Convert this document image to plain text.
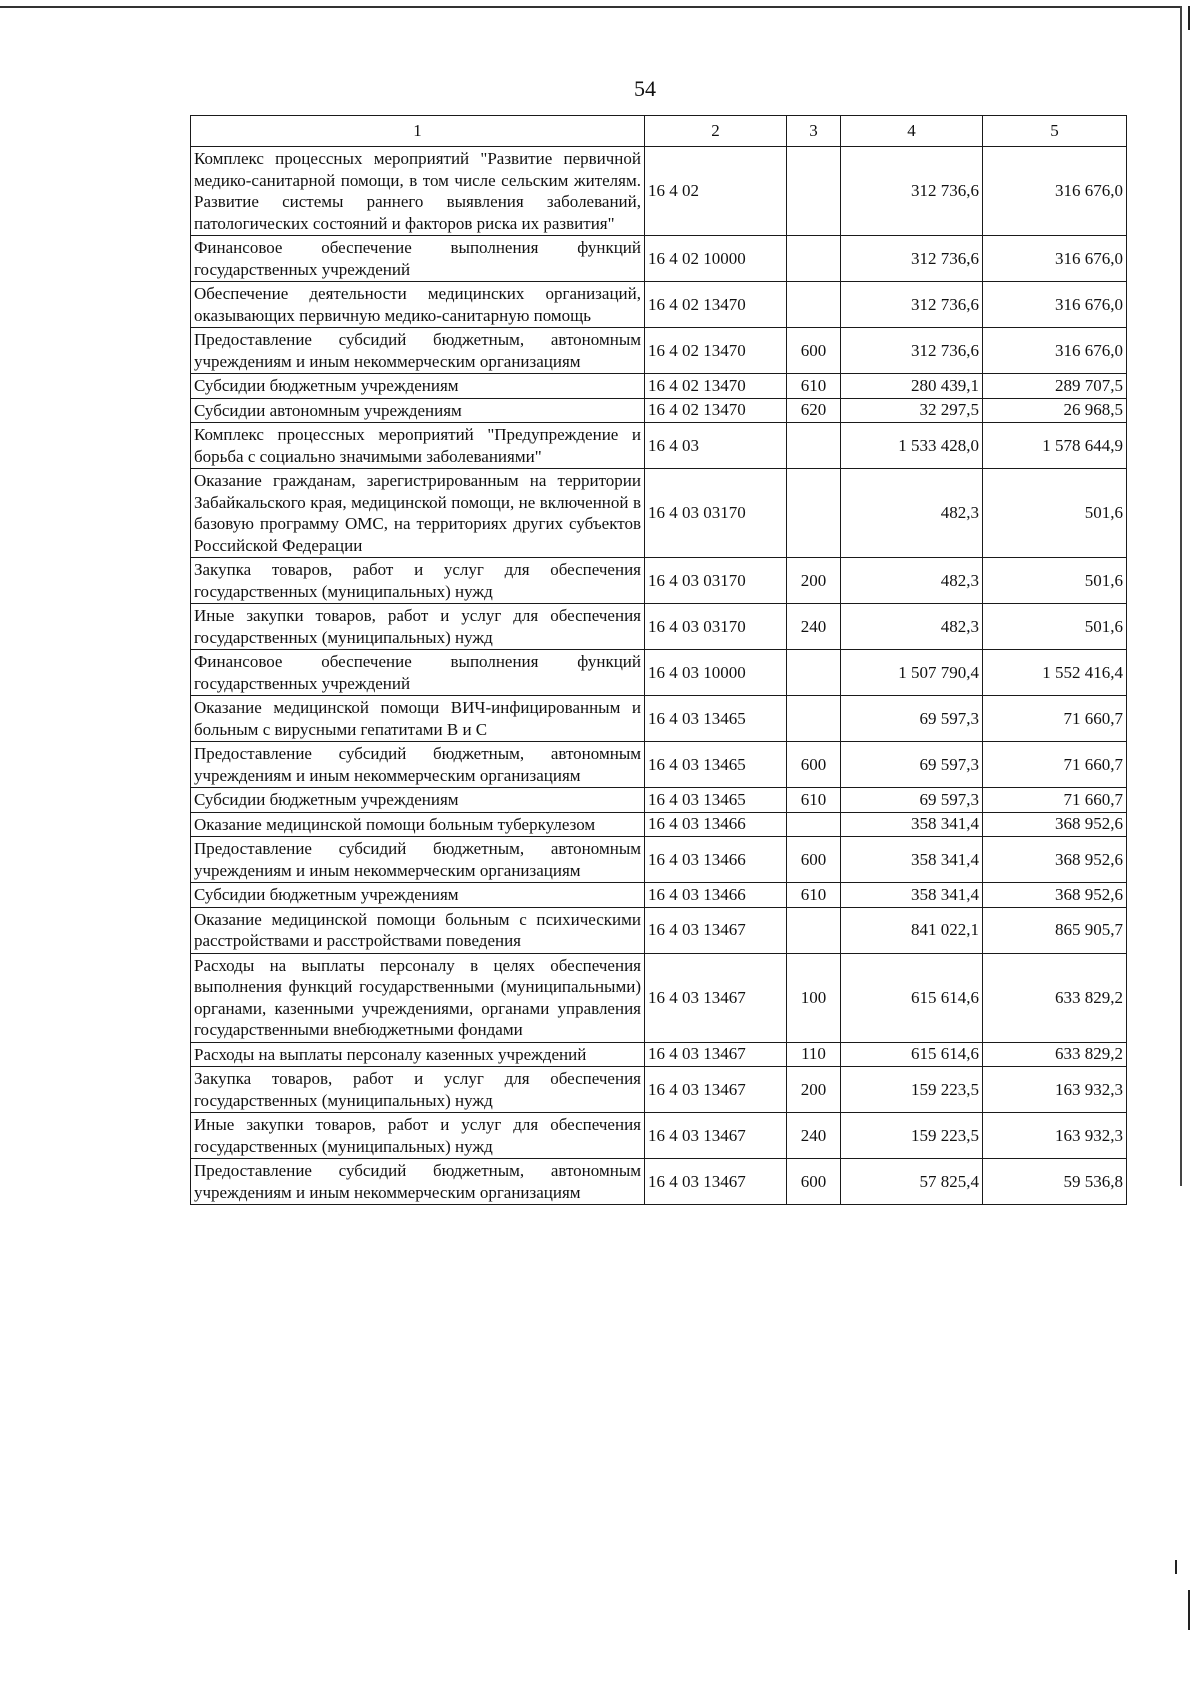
54
1	2	3	4	5
Комплекс процессных мероприятий "Развитие первичной медико-санитарной помощи, в том числе сельским жителям. Развитие системы раннего выявления заболеваний, патологических состояний и факторов риска их развития"	16 4 02		312 736,6	316 676,0
Финансовое обеспечение выполнения функций государственных учреждений	16 4 02 10000		312 736,6	316 676,0
Обеспечение деятельности медицинских организаций, оказывающих первичную медико-санитарную помощь	16 4 02 13470		312 736,6	316 676,0
Предоставление субсидий бюджетным, автономным учреждениям и иным некоммерческим организациям	16 4 02 13470	600	312 736,6	316 676,0
Субсидии бюджетным учреждениям	16 4 02 13470	610	280 439,1	289 707,5
Субсидии автономным учреждениям	16 4 02 13470	620	32 297,5	26 968,5
Комплекс процессных мероприятий "Предупреждение и борьба с социально значимыми заболеваниями"	16 4 03		1 533 428,0	1 578 644,9
Оказание гражданам, зарегистрированным на территории Забайкальского края, медицинской помощи, не включенной в базовую программу ОМС, на территориях других субъектов Российской Федерации	16 4 03 03170		482,3	501,6
Закупка товаров, работ и услуг для обеспечения государственных (муниципальных) нужд	16 4 03 03170	200	482,3	501,6
Иные закупки товаров, работ и услуг для обеспечения государственных (муниципальных) нужд	16 4 03 03170	240	482,3	501,6
Финансовое обеспечение выполнения функций государственных учреждений	16 4 03 10000		1 507 790,4	1 552 416,4
Оказание медицинской помощи ВИЧ-инфицированным и больным с вирусными гепатитами В и С	16 4 03 13465		69 597,3	71 660,7
Предоставление субсидий бюджетным, автономным учреждениям и иным некоммерческим организациям	16 4 03 13465	600	69 597,3	71 660,7
Субсидии бюджетным учреждениям	16 4 03 13465	610	69 597,3	71 660,7
Оказание медицинской помощи больным туберкулезом	16 4 03 13466		358 341,4	368 952,6
Предоставление субсидий бюджетным, автономным учреждениям и иным некоммерческим организациям	16 4 03 13466	600	358 341,4	368 952,6
Субсидии бюджетным учреждениям	16 4 03 13466	610	358 341,4	368 952,6
Оказание медицинской помощи больным с психическими расстройствами и расстройствами поведения	16 4 03 13467		841 022,1	865 905,7
Расходы на выплаты персоналу в целях обеспечения выполнения функций государственными (муниципальными) органами, казенными учреждениями, органами управления государственными внебюджетными фондами	16 4 03 13467	100	615 614,6	633 829,2
Расходы на выплаты персоналу казенных учреждений	16 4 03 13467	110	615 614,6	633 829,2
Закупка товаров, работ и услуг для обеспечения государственных (муниципальных) нужд	16 4 03 13467	200	159 223,5	163 932,3
Иные закупки товаров, работ и услуг для обеспечения государственных (муниципальных) нужд	16 4 03 13467	240	159 223,5	163 932,3
Предоставление субсидий бюджетным, автономным учреждениям и иным некоммерческим организациям	16 4 03 13467	600	57 825,4	59 536,8
